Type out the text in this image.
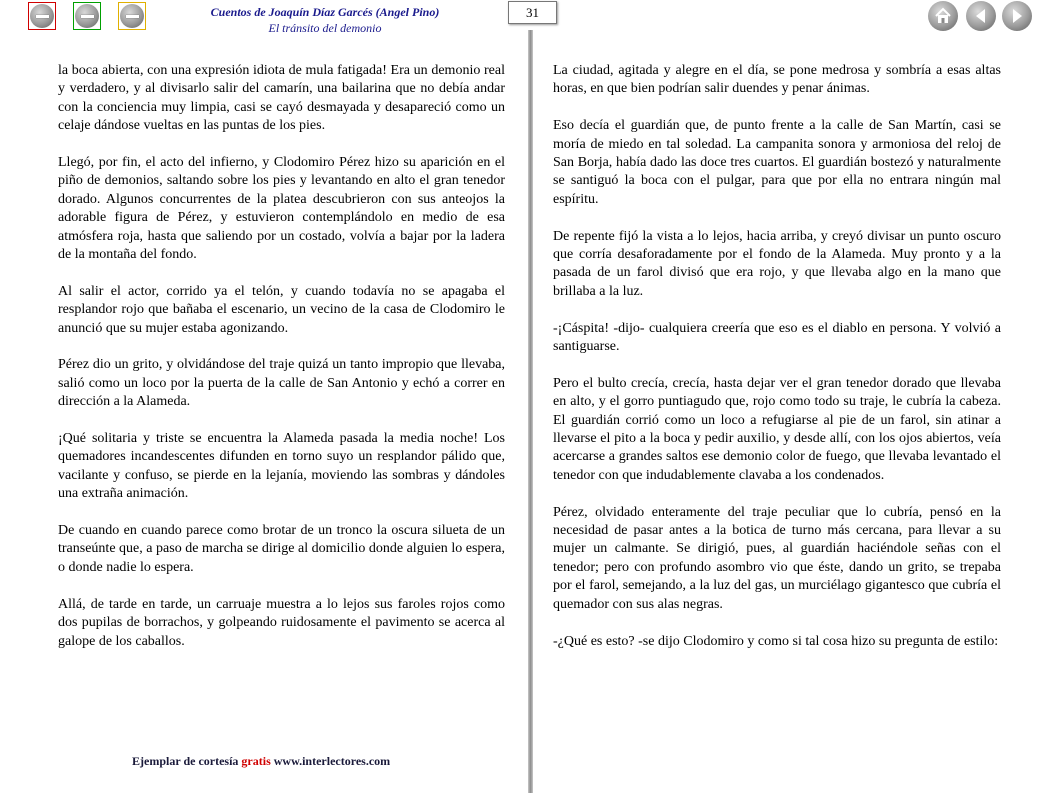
Cuentos de Joaquín Díaz Garcés (Angel Pino)
El tránsito del demonio
31

la boca abierta, con una expresión idiota de mula fatigada! Era un demonio real y verdadero, y al divisarlo salir del camarín, una bailarina que no debía andar con la conciencia muy limpia, casi se cayó desmayada y desapareció como un celaje dándose vueltas en las puntas de los pies.

Llegó, por fin, el acto del infierno, y Clodomiro Pérez hizo su aparición en el piño de demonios, saltando sobre los pies y levantando en alto el gran tenedor dorado. Algunos concurrentes de la platea descubrieron con sus anteojos la adorable figura de Pérez, y estuvieron contemplándolo en medio de esa atmósfera roja, hasta que saliendo por un costado, volvía a bajar por la ladera de la montaña del fondo.

Al salir el actor, corrido ya el telón, y cuando todavía no se apagaba el resplandor rojo que bañaba el escenario, un vecino de la casa de Clodomiro le anunció que su mujer estaba agonizando.

Pérez dio un grito, y olvidándose del traje quizá un tanto impropio que llevaba, salió como un loco por la puerta de la calle de San Antonio y echó a correr en dirección a la Alameda.

¡Qué solitaria y triste se encuentra la Alameda pasada la media noche! Los quemadores incandescentes difunden en torno suyo un resplandor pálido que, vacilante y confuso, se pierde en la lejanía, moviendo las sombras y dándoles una extraña animación.

De cuando en cuando parece como brotar de un tronco la oscura silueta de un transeúnte que, a paso de marcha se dirige al domicilio donde alguien lo espera, o donde nadie lo espera.

Allá, de tarde en tarde, un carruaje muestra a lo lejos sus faroles rojos como dos pupilas de borrachos, y golpeando ruidosamente el pavimento se acerca al galope de los caballos.

La ciudad, agitada y alegre en el día, se pone medrosa y sombría a esas altas horas, en que bien podrían salir duendes y penar ánimas.

Eso decía el guardián que, de punto frente a la calle de San Martín, casi se moría de miedo en tal soledad. La campanita sonora y armoniosa del reloj de San Borja, había dado las doce tres cuartos. El guardián bostezó y naturalmente se santiguó la boca con el pulgar, para que por ella no entrara ningún mal espíritu.

De repente fijó la vista a lo lejos, hacia arriba, y creyó divisar un punto oscuro que corría desaforadamente por el fondo de la Alameda. Muy pronto y a la pasada de un farol divisó que era rojo, y que llevaba algo en la mano que brillaba a la luz.

-¡Cáspita! -dijo- cualquiera creería que eso es el diablo en persona. Y volvió a santiguarse.

Pero el bulto crecía, crecía, hasta dejar ver el gran tenedor dorado que llevaba en alto, y el gorro puntiagudo que, rojo como todo su traje, le cubría la cabeza. El guardián corrió como un loco a refugiarse al pie de un farol, sin atinar a llevarse el pito a la boca y pedir auxilio, y desde allí, con los ojos abiertos, veía acercarse a grandes saltos ese demonio color de fuego, que llevaba levantado el tenedor con que indudablemente clavaba a los condenados.

Pérez, olvidado enteramente del traje peculiar que lo cubría, pensó en la necesidad de pasar antes a la botica de turno más cercana, para llevar a su mujer un calmante. Se dirigió, pues, al guardián haciéndole señas con el tenedor; pero con profundo asombro vio que éste, dando un grito, se trepaba por el farol, semejando, a la luz del gas, un murciélago gigantesco que cubría el quemador con sus alas negras.

-¿Qué es esto? -se dijo Clodomiro y como si tal cosa hizo su pregunta de estilo:

Ejemplar de cortesía gratis www.interlectores.com
